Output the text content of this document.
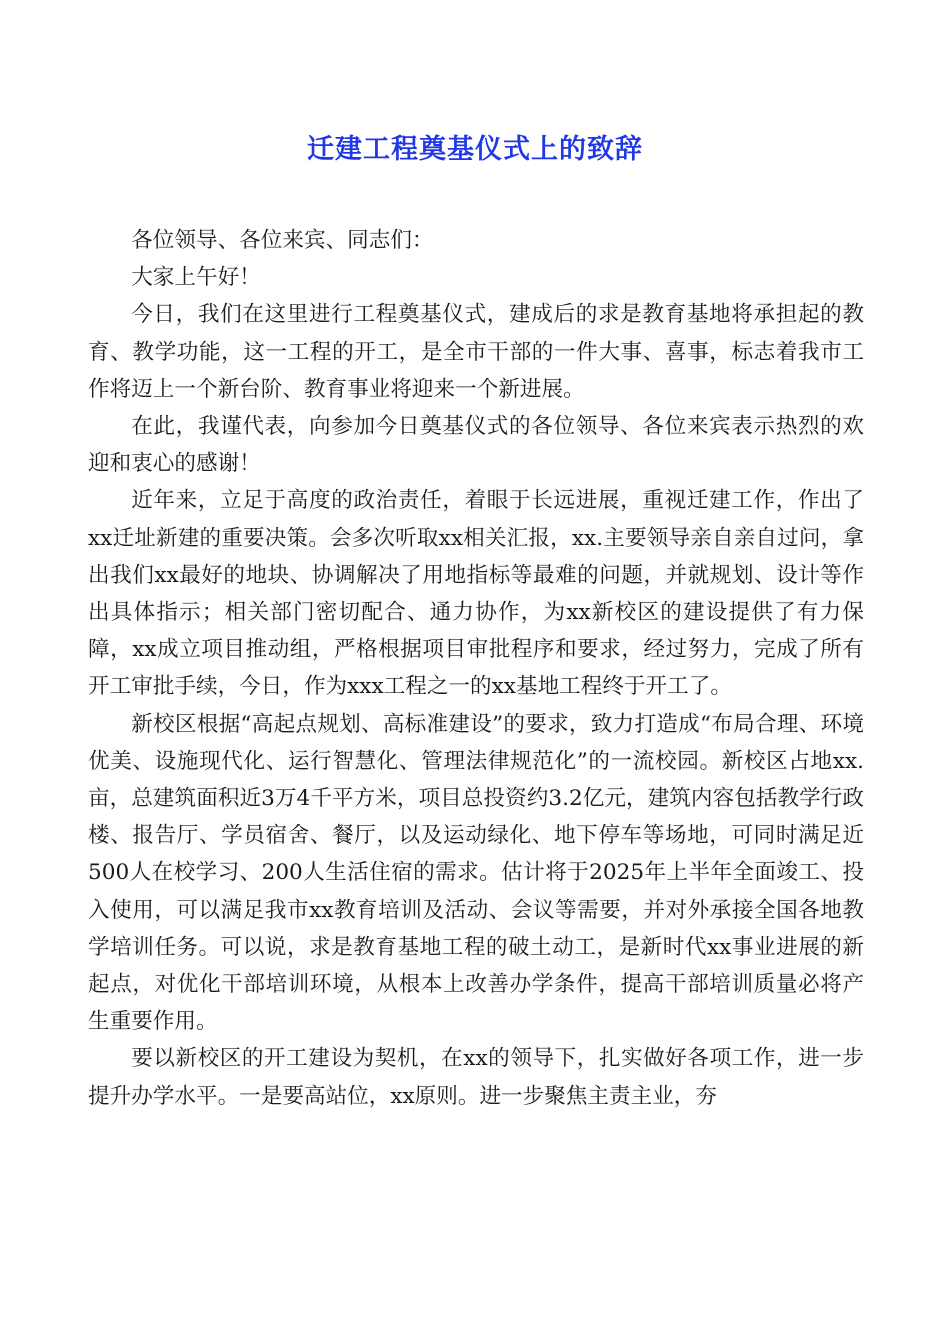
迁建工程奠基仪式上的致辞

各位领导、各位来宾、同志们：

大家上午好！

今日，我们在这里进行工程奠基仪式，建成后的求是教育基地将承担起的教育、教学功能，这一工程的开工，是全市干部的一件大事、喜事，标志着我市工作将迈上一个新台阶、教育事业将迎来一个新进展。

在此，我谨代表，向参加今日奠基仪式的各位领导、各位来宾表示热烈的欢迎和衷心的感谢！

近年来，立足于高度的政治责任，着眼于长远进展，重视迁建工作，作出了xx迁址新建的重要决策。会多次听取xx相关汇报，xx.主要领导亲自亲自过问，拿出我们xx最好的地块、协调解决了用地指标等最难的问题，并就规划、设计等作出具体指示；相关部门密切配合、通力协作，为xx新校区的建设提供了有力保障，xx成立项目推动组，严格根据项目审批程序和要求，经过努力，完成了所有开工审批手续，今日，作为xxx工程之一的xx基地工程终于开工了。

新校区根据“高起点规划、高标准建设”的要求，致力打造成“布局合理、环境优美、设施现代化、运行智慧化、管理法律规范化”的一流校园。新校区占地xx.亩，总建筑面积近3万4千平方米，项目总投资约3.2亿元，建筑内容包括教学行政楼、报告厅、学员宿舍、餐厅，以及运动绿化、地下停车等场地，可同时满足近500人在校学习、200人生活住宿的需求。估计将于2025年上半年全面竣工、投入使用，可以满足我市xx教育培训及活动、会议等需要，并对外承接全国各地教学培训任务。可以说，求是教育基地工程的破土动工，是新时代xx事业进展的新起点，对优化干部培训环境，从根本上改善办学条件，提高干部培训质量必将产生重要作用。

要以新校区的开工建设为契机，在xx的领导下，扎实做好各项工作，进一步提升办学水平。一是要高站位，xx原则。进一步聚焦主责主业，夯
